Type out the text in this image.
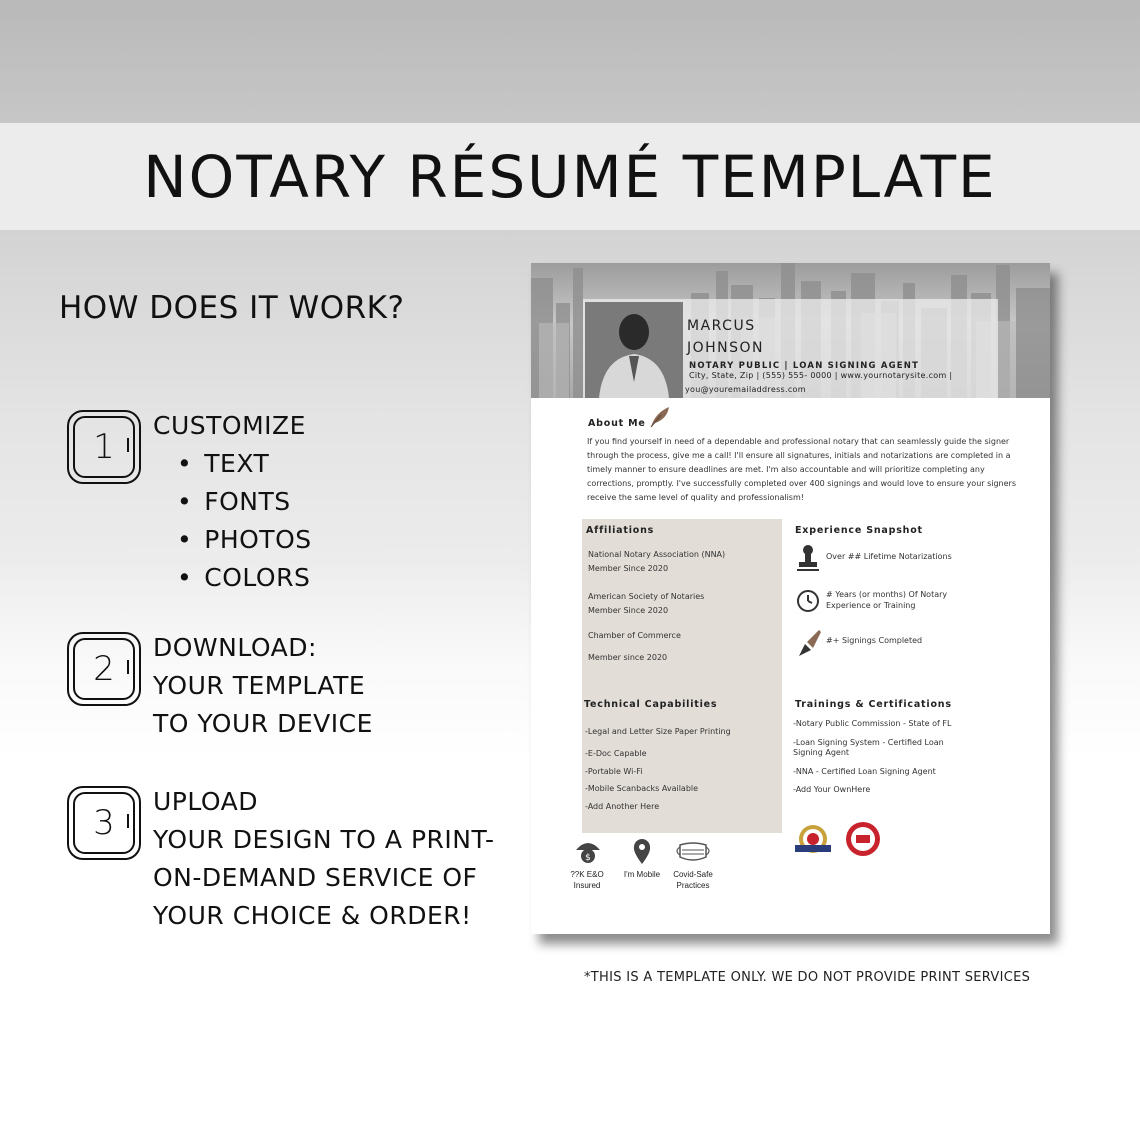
NOTARY RÉSUMÉ TEMPLATE
HOW DOES IT WORK?
1
CUSTOMIZE
• TEXT
• FONTS
• PHOTOS
• COLORS
2
DOWNLOAD:
YOUR TEMPLATE
TO YOUR DEVICE
3
UPLOAD
YOUR DESIGN TO A PRINT-
ON-DEMAND SERVICE OF
YOUR CHOICE & ORDER!
MARCUS
JOHNSON
NOTARY PUBLIC | LOAN SIGNING AGENT
City, State, Zip | (555) 555- 0000 | www.yournotarysite.com |
you@youremailaddress.com
About Me
If you find yourself in need of a dependable and professional notary that can seamlessly guide the signer through the process, give me a call! I'll ensure all signatures, initials and notarizations are completed in a timely manner to ensure deadlines are met. I'm also accountable and will prioritize completing any corrections, promptly. I've successfully completed over 400 signings and would love to ensure your signers receive the same level of quality and professionalism!
Affiliations
National Notary Association (NNA)
Member Since 2020
American Society of Notaries
Member Since 2020
Chamber of Commerce
Member since 2020
Technical Capabilities
-Legal and Letter Size Paper Printing
-E-Doc Capable
-Portable Wi-Fi
-Mobile Scanbacks Available
-Add Another Here
Experience Snapshot
Over ## Lifetime Notarizations
# Years (or months) Of Notary
Experience or Training
#+ Signings Completed
Trainings & Certifications
-Notary Public Commission - State of FL
-Loan Signing System - Certified Loan
Signing Agent
-NNA - Certified Loan Signing Agent
-Add Your OwnHere
$
??K E&O
Insured
I'm Mobile	Covid-Safe
Practices
*THIS IS A TEMPLATE ONLY. WE DO NOT PROVIDE PRINT SERVICES
